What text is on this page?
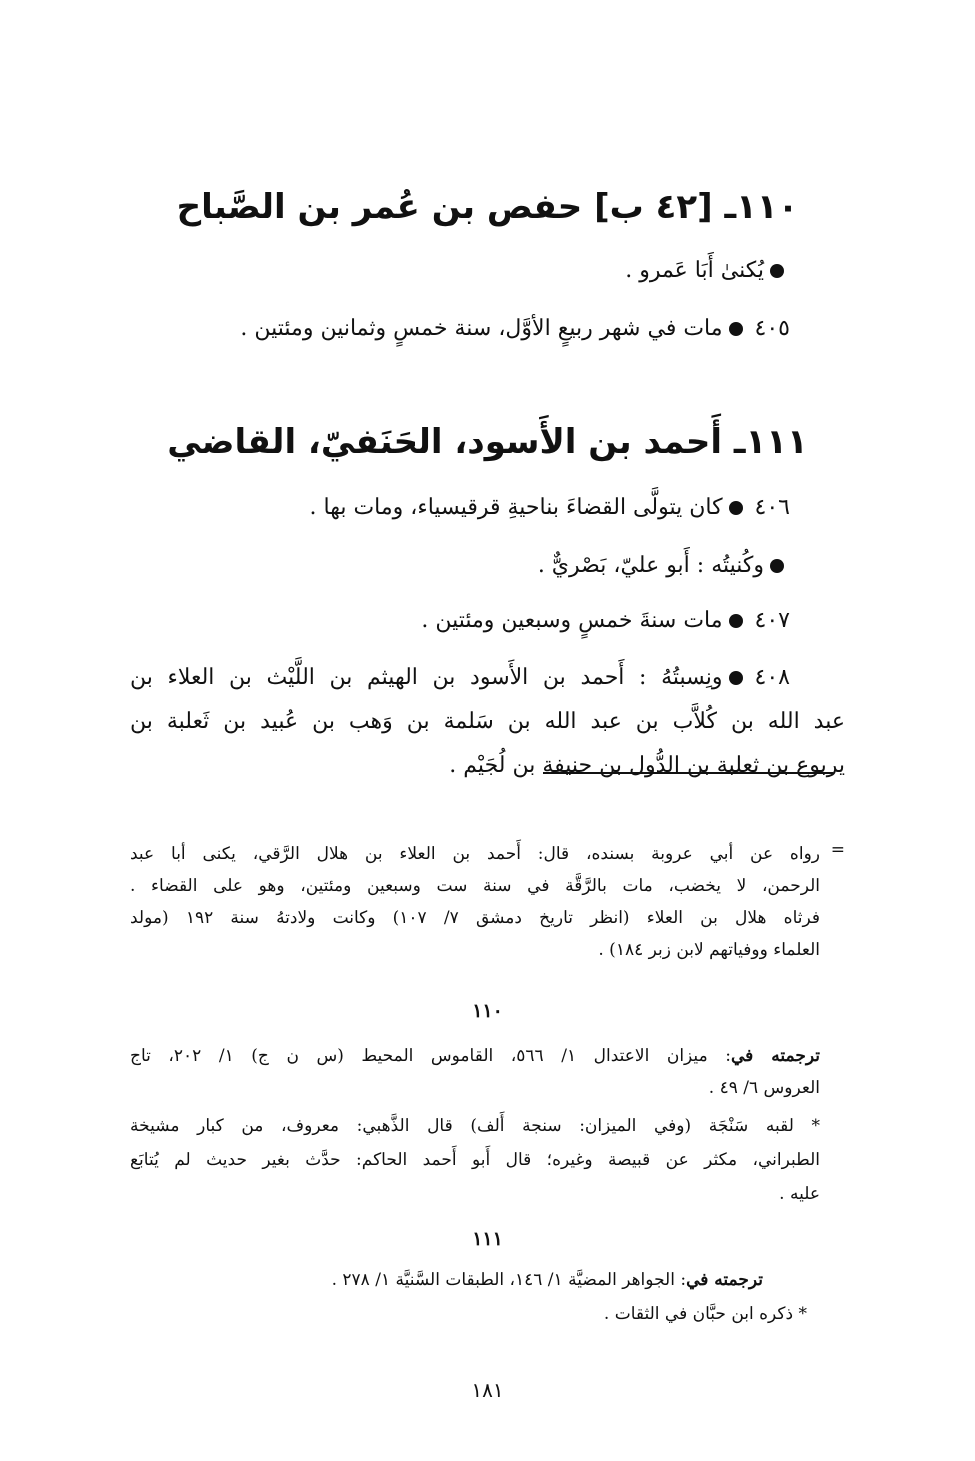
١١٠ـ [٤٢ ب] حفص بن عُمر بن الصَّباح
يُكنىٰ أَبَا عَمرو .
٤٠٥مات في شهر ربيعٍ الأوَّل، سنة خمسٍ وثمانين ومئتين .
١١١ـ أَحمد بن الأَسود، الحَنَفيّ، القاضي
٤٠٦كان يتولَّى القضاءَ بناحيةِ قرقيسياء، ومات بها .
وكُنيتُه : أَبو عليّ، بَصْريٌّ .
٤٠٧مات سنةَ خمسٍ وسبعين ومئتين .
٤٠٨ونِسبتُهُ : أَحمد بن الأَسود بن الهيثم بن اللَّيْث بن العلاء بن
عبد الله بن كُلاَّب بن عبد الله بن سَلمة بن وَهب بن عُبيد بن ثَعلبة بن
يربوع بن ثعلبة بن الدُّول بن حنيفة بن لُجَيْم .
=
رواه عن أبي عروبة بسنده، قال: أَحمد بن العلاء بن هلال الرَّقي، يكنى أبا عبد
الرحمن، لا يخضب، مات بالرَّقَّة في سنة ست وسبعين ومئتين، وهو على القضاء .
فرثاه هلال بن العلاء (انظر تاريخ دمشق ٧/ ١٠٧) وكانت ولادتهُ سنة ١٩٢ (مولد
العلماء ووفياتهم لابن زبر ١٨٤) .
١١٠
ترجمته في: ميزان الاعتدال ١/ ٥٦٦، القاموس المحيط (س ن ج) ١/ ٢٠٢، تاج
العروس ٦/ ٤٩ .
* لقبه سَنْجَة (وفي الميزان: سنجة أَلف) قال الذَّهبي: معروف، من كبار مشيخة
الطبراني، مكثر عن قبيصة وغيره؛ قال أَبو أَحمد الحاكم: حدَّث بغير حديث لم يُتابَع
عليه .
١١١
ترجمته في: الجواهر المضيَّة ١/ ١٤٦، الطبقات السَّنيَّة ١/ ٢٧٨ .
* ذكره ابن حبَّان في الثقات .
١٨١
